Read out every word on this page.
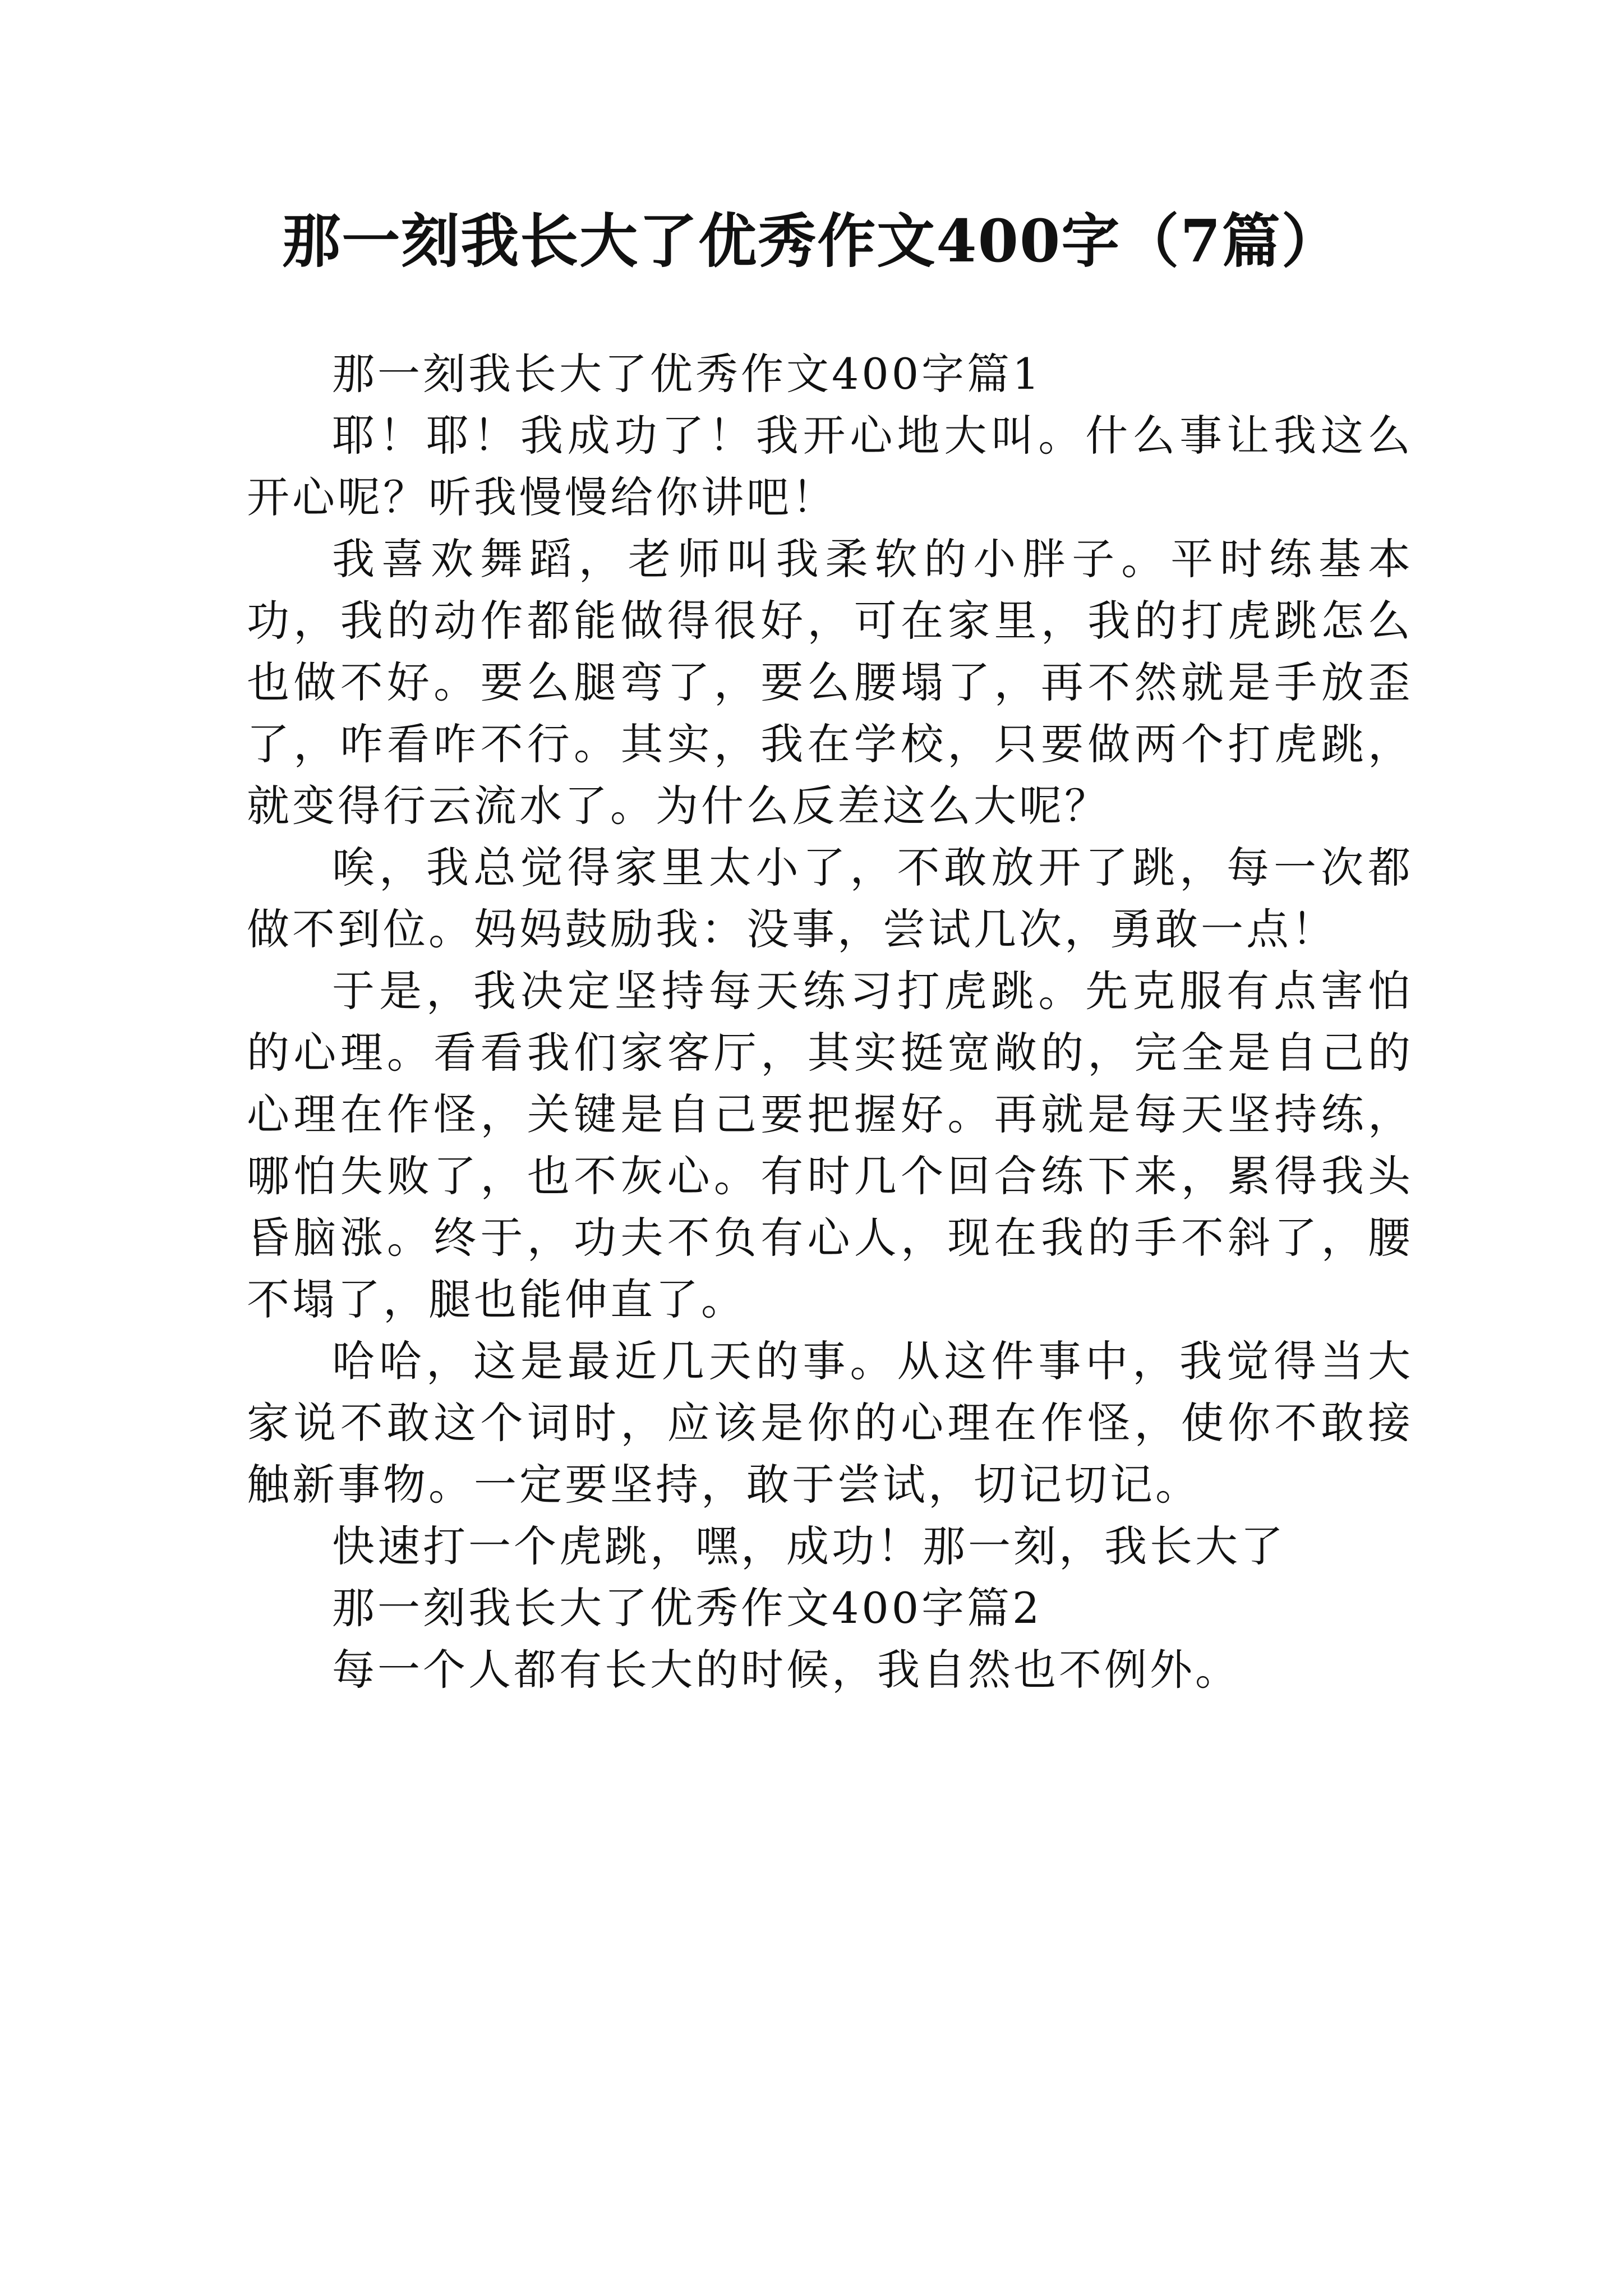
那一刻我长大了优秀作文400字（7篇）

那一刻我长大了优秀作文400字篇1

耶！耶！我成功了！我开心地大叫。什么事让我这么开心呢？听我慢慢给你讲吧！

我喜欢舞蹈，老师叫我柔软的小胖子。平时练基本功，我的动作都能做得很好，可在家里，我的打虎跳怎么也做不好。要么腿弯了，要么腰塌了，再不然就是手放歪了，咋看咋不行。其实，我在学校，只要做两个打虎跳，就变得行云流水了。为什么反差这么大呢？

唉，我总觉得家里太小了，不敢放开了跳，每一次都做不到位。妈妈鼓励我：没事，尝试几次，勇敢一点！

于是，我决定坚持每天练习打虎跳。先克服有点害怕的心理。看看我们家客厅，其实挺宽敞的，完全是自己的心理在作怪，关键是自己要把握好。再就是每天坚持练，哪怕失败了，也不灰心。有时几个回合练下来，累得我头昏脑涨。终于，功夫不负有心人，现在我的手不斜了，腰不塌了，腿也能伸直了。

哈哈，这是最近几天的事。从这件事中，我觉得当大家说不敢这个词时，应该是你的心理在作怪，使你不敢接触新事物。一定要坚持，敢于尝试，切记切记。

快速打一个虎跳，嘿，成功！那一刻，我长大了

那一刻我长大了优秀作文400字篇2

每一个人都有长大的时候，我自然也不例外。
